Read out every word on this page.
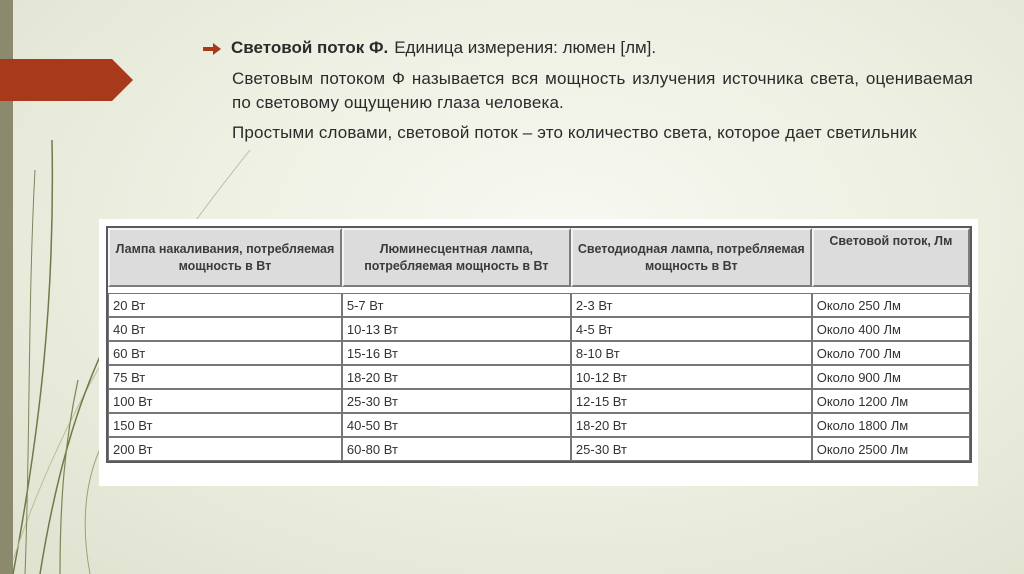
Световой поток Ф. Единица измерения: люмен [лм].
Световым потоком Ф называется вся мощность излучения источника света, оцениваемая по световому ощущению глаза человека.
Простыми словами, световой поток – это количество света, которое дает светильник
Лампа накаливания, потребляемая мощность в Вт	Люминесцентная лампа, потребляемая мощность в Вт	Светодиодная лампа, потребляемая мощность в Вт	Световой поток, Лм

20 Вт	5-7 Вт	2-3 Вт	Около 250 Лм
40 Вт	10-13 Вт	4-5 Вт	Около 400 Лм
60 Вт	15-16 Вт	8-10 Вт	Около 700 Лм
75 Вт	18-20 Вт	10-12 Вт	Около 900 Лм
100 Вт	25-30 Вт	12-15 Вт	Около 1200 Лм
150 Вт	40-50 Вт	18-20 Вт	Около 1800 Лм
200 Вт	60-80 Вт	25-30 Вт	Около 2500 Лм
